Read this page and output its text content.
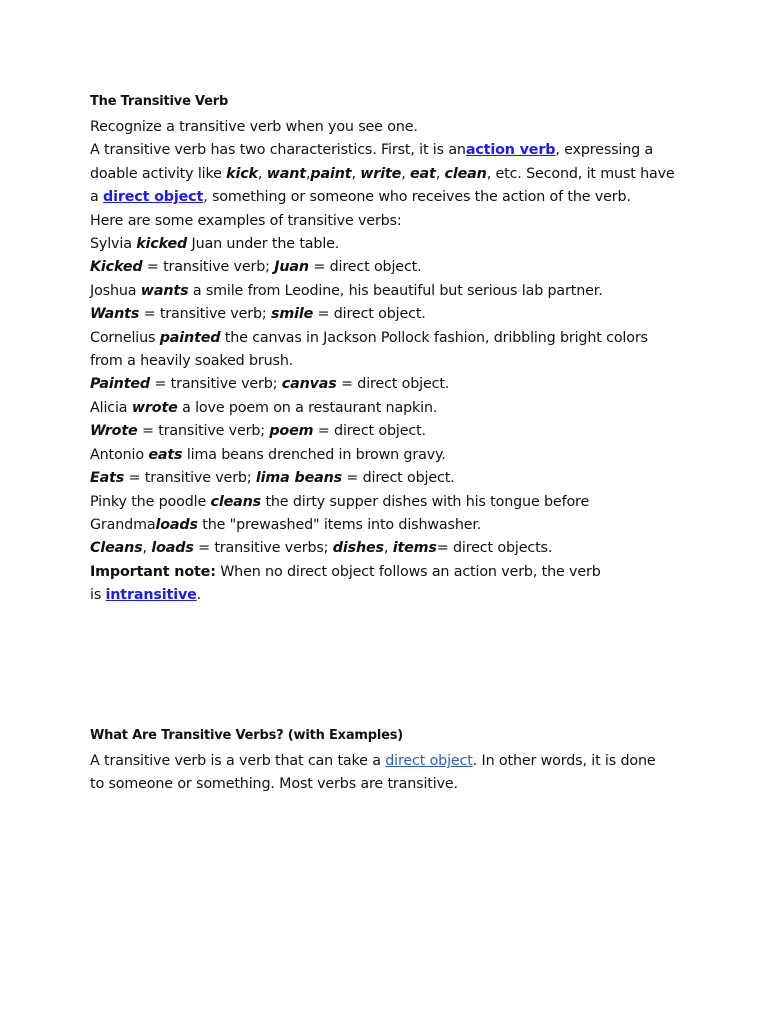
The Transitive Verb

Recognize a transitive verb when you see one.

A transitive verb has two characteristics. First, it is anaction verb, expressing a

doable activity like kick, want,paint, write, eat, clean, etc. Second, it must have

a direct object, something or someone who receives the action of the verb.

Here are some examples of transitive verbs:

Sylvia kicked Juan under the table.

Kicked = transitive verb; Juan = direct object.

Joshua wants a smile from Leodine, his beautiful but serious lab partner.

Wants = transitive verb; smile = direct object.

Cornelius painted the canvas in Jackson Pollock fashion, dribbling bright colors

from a heavily soaked brush.

Painted = transitive verb; canvas = direct object.

Alicia wrote a love poem on a restaurant napkin.

Wrote = transitive verb; poem = direct object.

Antonio eats lima beans drenched in brown gravy.

Eats = transitive verb; lima beans = direct object.

Pinky the poodle cleans the dirty supper dishes with his tongue before

Grandmaloads the "prewashed" items into dishwasher.

Cleans, loads = transitive verbs; dishes, items= direct objects.

Important note: When no direct object follows an action verb, the verb

is intransitive.

What Are Transitive Verbs? (with Examples)

A transitive verb is a verb that can take a direct object. In other words, it is done

to someone or something. Most verbs are transitive.
